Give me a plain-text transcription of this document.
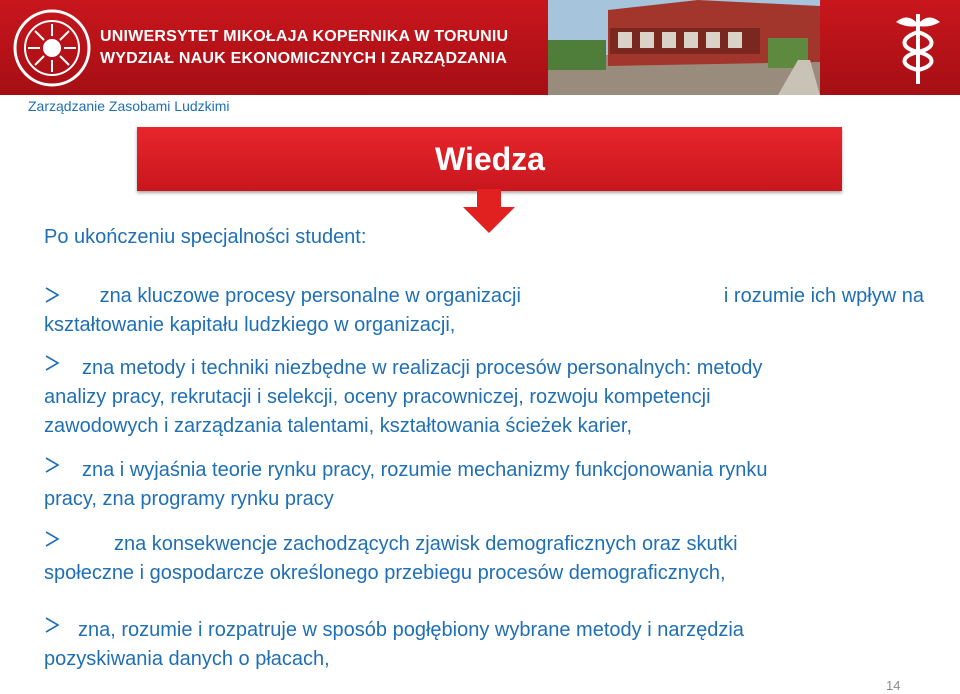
UNIWERSYTET MIKOŁAJA KOPERNIKA W TORUNIU
WYDZIAŁ NAUK EKONOMICZNYCH I ZARZĄDZANIA
Zarządzanie Zasobami Ludzkimi
Wiedza
Po ukończeniu specjalności student:
zna kluczowe procesy personalne w organizacji	i rozumie ich wpływ na
kształtowanie kapitału ludzkiego w organizacji,
zna metody i techniki niezbędne w realizacji procesów personalnych: metody
analizy pracy, rekrutacji i selekcji, oceny pracowniczej, rozwoju kompetencji
zawodowych i zarządzania talentami, kształtowania ścieżek karier,
zna i wyjaśnia teorie rynku pracy, rozumie mechanizmy funkcjonowania rynku
pracy, zna programy rynku pracy
zna konsekwencje zachodzących zjawisk demograficznych oraz skutki
społeczne i gospodarcze określonego przebiegu procesów demograficznych,
zna, rozumie i rozpatruje w sposób pogłębiony wybrane metody i narzędzia
pozyskiwania danych o płacach,
14
